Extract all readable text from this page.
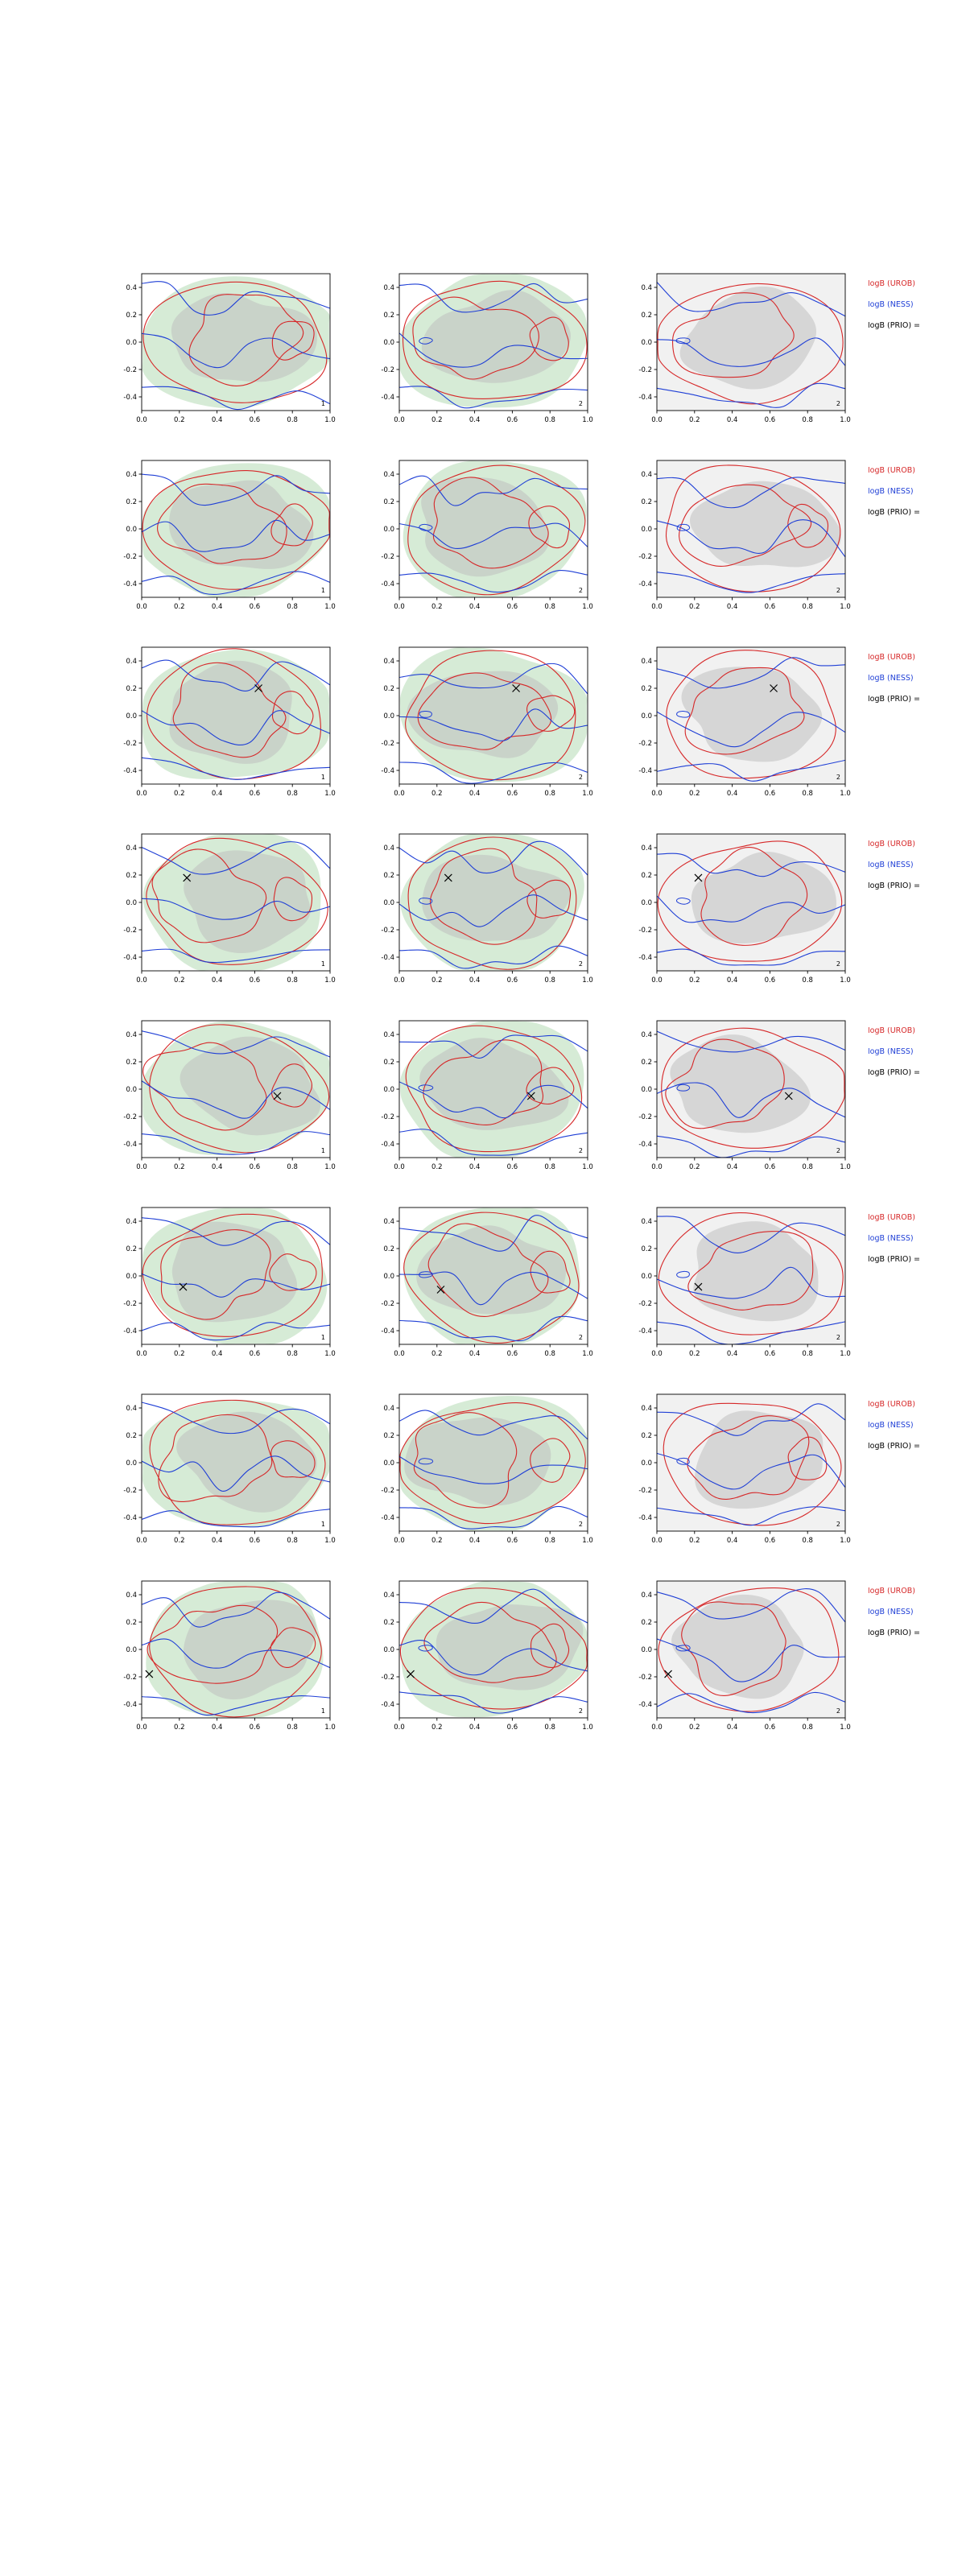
0.0	0.2	0.4	0.6	0.8	1.0
-0.4
-0.2
0.0
0.2
0.4
1
0.0	0.2	0.4	0.6	0.8	1.0
-0.4
-0.2
0.0
0.2
0.4
2
0.0	0.2	0.4	0.6	0.8	1.0
-0.4
-0.2
0.0
0.2
0.4
2
logB (UROB)
logB (NESS)
logB (PRIO) =
0.0	0.2	0.4	0.6	0.8	1.0
-0.4
-0.2
0.0
0.2
0.4
1
0.0	0.2	0.4	0.6	0.8	1.0
-0.4
-0.2
0.0
0.2
0.4
2
0.0	0.2	0.4	0.6	0.8	1.0
-0.4
-0.2
0.0
0.2
0.4
2
logB (UROB)
logB (NESS)
logB (PRIO) =
0.0	0.2	0.4	0.6	0.8	1.0
-0.4
-0.2
0.0
0.2
0.4
1
0.0	0.2	0.4	0.6	0.8	1.0
-0.4
-0.2
0.0
0.2
0.4
2
0.0	0.2	0.4	0.6	0.8	1.0
-0.4
-0.2
0.0
0.2
0.4
2
logB (UROB)
logB (NESS)
logB (PRIO) =
0.0	0.2	0.4	0.6	0.8	1.0
-0.4
-0.2
0.0
0.2
0.4
1
0.0	0.2	0.4	0.6	0.8	1.0
-0.4
-0.2
0.0
0.2
0.4
2
0.0	0.2	0.4	0.6	0.8	1.0
-0.4
-0.2
0.0
0.2
0.4
2
logB (UROB)
logB (NESS)
logB (PRIO) =
0.0	0.2	0.4	0.6	0.8	1.0
-0.4
-0.2
0.0
0.2
0.4
1
0.0	0.2	0.4	0.6	0.8	1.0
-0.4
-0.2
0.0
0.2
0.4
2
0.0	0.2	0.4	0.6	0.8	1.0
-0.4
-0.2
0.0
0.2
0.4
2
logB (UROB)
logB (NESS)
logB (PRIO) =
0.0	0.2	0.4	0.6	0.8	1.0
-0.4
-0.2
0.0
0.2
0.4
1
0.0	0.2	0.4	0.6	0.8	1.0
-0.4
-0.2
0.0
0.2
0.4
2
0.0	0.2	0.4	0.6	0.8	1.0
-0.4
-0.2
0.0
0.2
0.4
2
logB (UROB)
logB (NESS)
logB (PRIO) =
0.0	0.2	0.4	0.6	0.8	1.0
-0.4
-0.2
0.0
0.2
0.4
1
0.0	0.2	0.4	0.6	0.8	1.0
-0.4
-0.2
0.0
0.2
0.4
2
0.0	0.2	0.4	0.6	0.8	1.0
-0.4
-0.2
0.0
0.2
0.4
2
logB (UROB)
logB (NESS)
logB (PRIO) =
0.0	0.2	0.4	0.6	0.8	1.0
-0.4
-0.2
0.0
0.2
0.4
1
0.0	0.2	0.4	0.6	0.8	1.0
-0.4
-0.2
0.0
0.2
0.4
2
0.0	0.2	0.4	0.6	0.8	1.0
-0.4
-0.2
0.0
0.2
0.4
2
logB (UROB)
logB (NESS)
logB (PRIO) =
